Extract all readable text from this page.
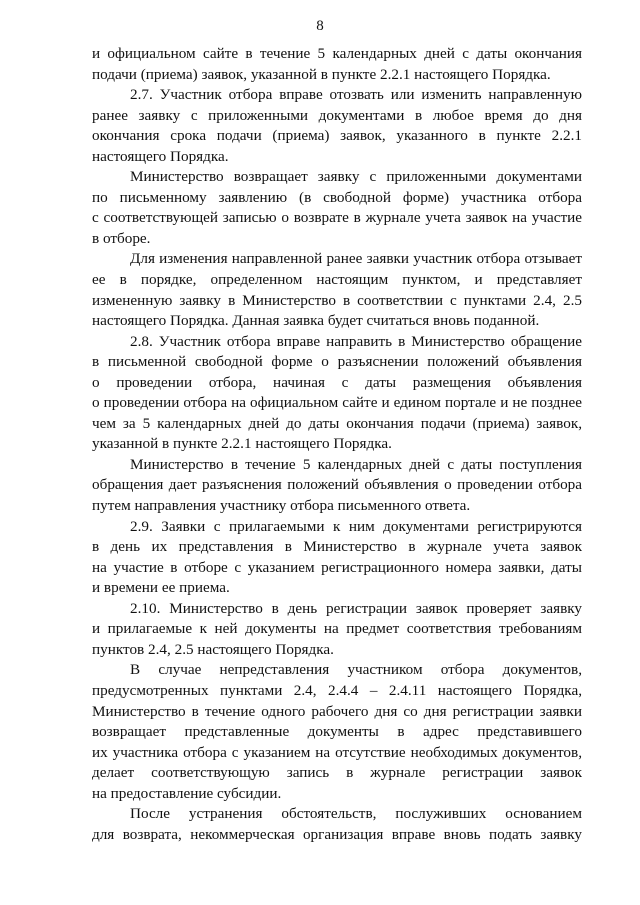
8
и официальном сайте в течение 5 календарных дней с даты окончания
подачи (приема) заявок, указанной в пункте 2.2.1 настоящего Порядка.
2.7. Участник отбора вправе отозвать или изменить направленную
ранее заявку с приложенными документами в любое время до дня
окончания срока подачи (приема) заявок, указанного в пункте 2.2.1
настоящего Порядка.
Министерство возвращает заявку с приложенными документами
по письменному заявлению (в свободной форме) участника отбора
с соответствующей записью о возврате в журнале учета заявок на участие
в отборе.
Для изменения направленной ранее заявки участник отбора отзывает
ее в порядке, определенном настоящим пунктом, и представляет
измененную заявку в Министерство в соответствии с пунктами 2.4, 2.5
настоящего Порядка. Данная заявка будет считаться вновь поданной.
2.8. Участник отбора вправе направить в Министерство обращение
в письменной свободной форме о разъяснении положений объявления
о проведении отбора, начиная с даты размещения объявления
о проведении отбора на официальном сайте и едином портале и не позднее
чем за 5 календарных дней до даты окончания подачи (приема) заявок,
указанной в пункте 2.2.1 настоящего Порядка.
Министерство в течение 5 календарных дней с даты поступления
обращения дает разъяснения положений объявления о проведении отбора
путем направления участнику отбора письменного ответа.
2.9. Заявки с прилагаемыми к ним документами регистрируются
в день их представления в Министерство в журнале учета заявок
на участие в отборе с указанием регистрационного номера заявки, даты
и времени ее приема.
2.10. Министерство в день регистрации заявок проверяет заявку
и прилагаемые к ней документы на предмет соответствия требованиям
пунктов 2.4, 2.5 настоящего Порядка.
В случае непредставления участником отбора документов,
предусмотренных пунктами 2.4, 2.4.4 – 2.4.11 настоящего Порядка,
Министерство в течение одного рабочего дня со дня регистрации заявки
возвращает представленные документы в адрес представившего
их участника отбора с указанием на отсутствие необходимых документов,
делает соответствующую запись в журнале регистрации заявок
на предоставление субсидии.
После устранения обстоятельств, послуживших основанием
для возврата, некоммерческая организация вправе вновь подать заявку
